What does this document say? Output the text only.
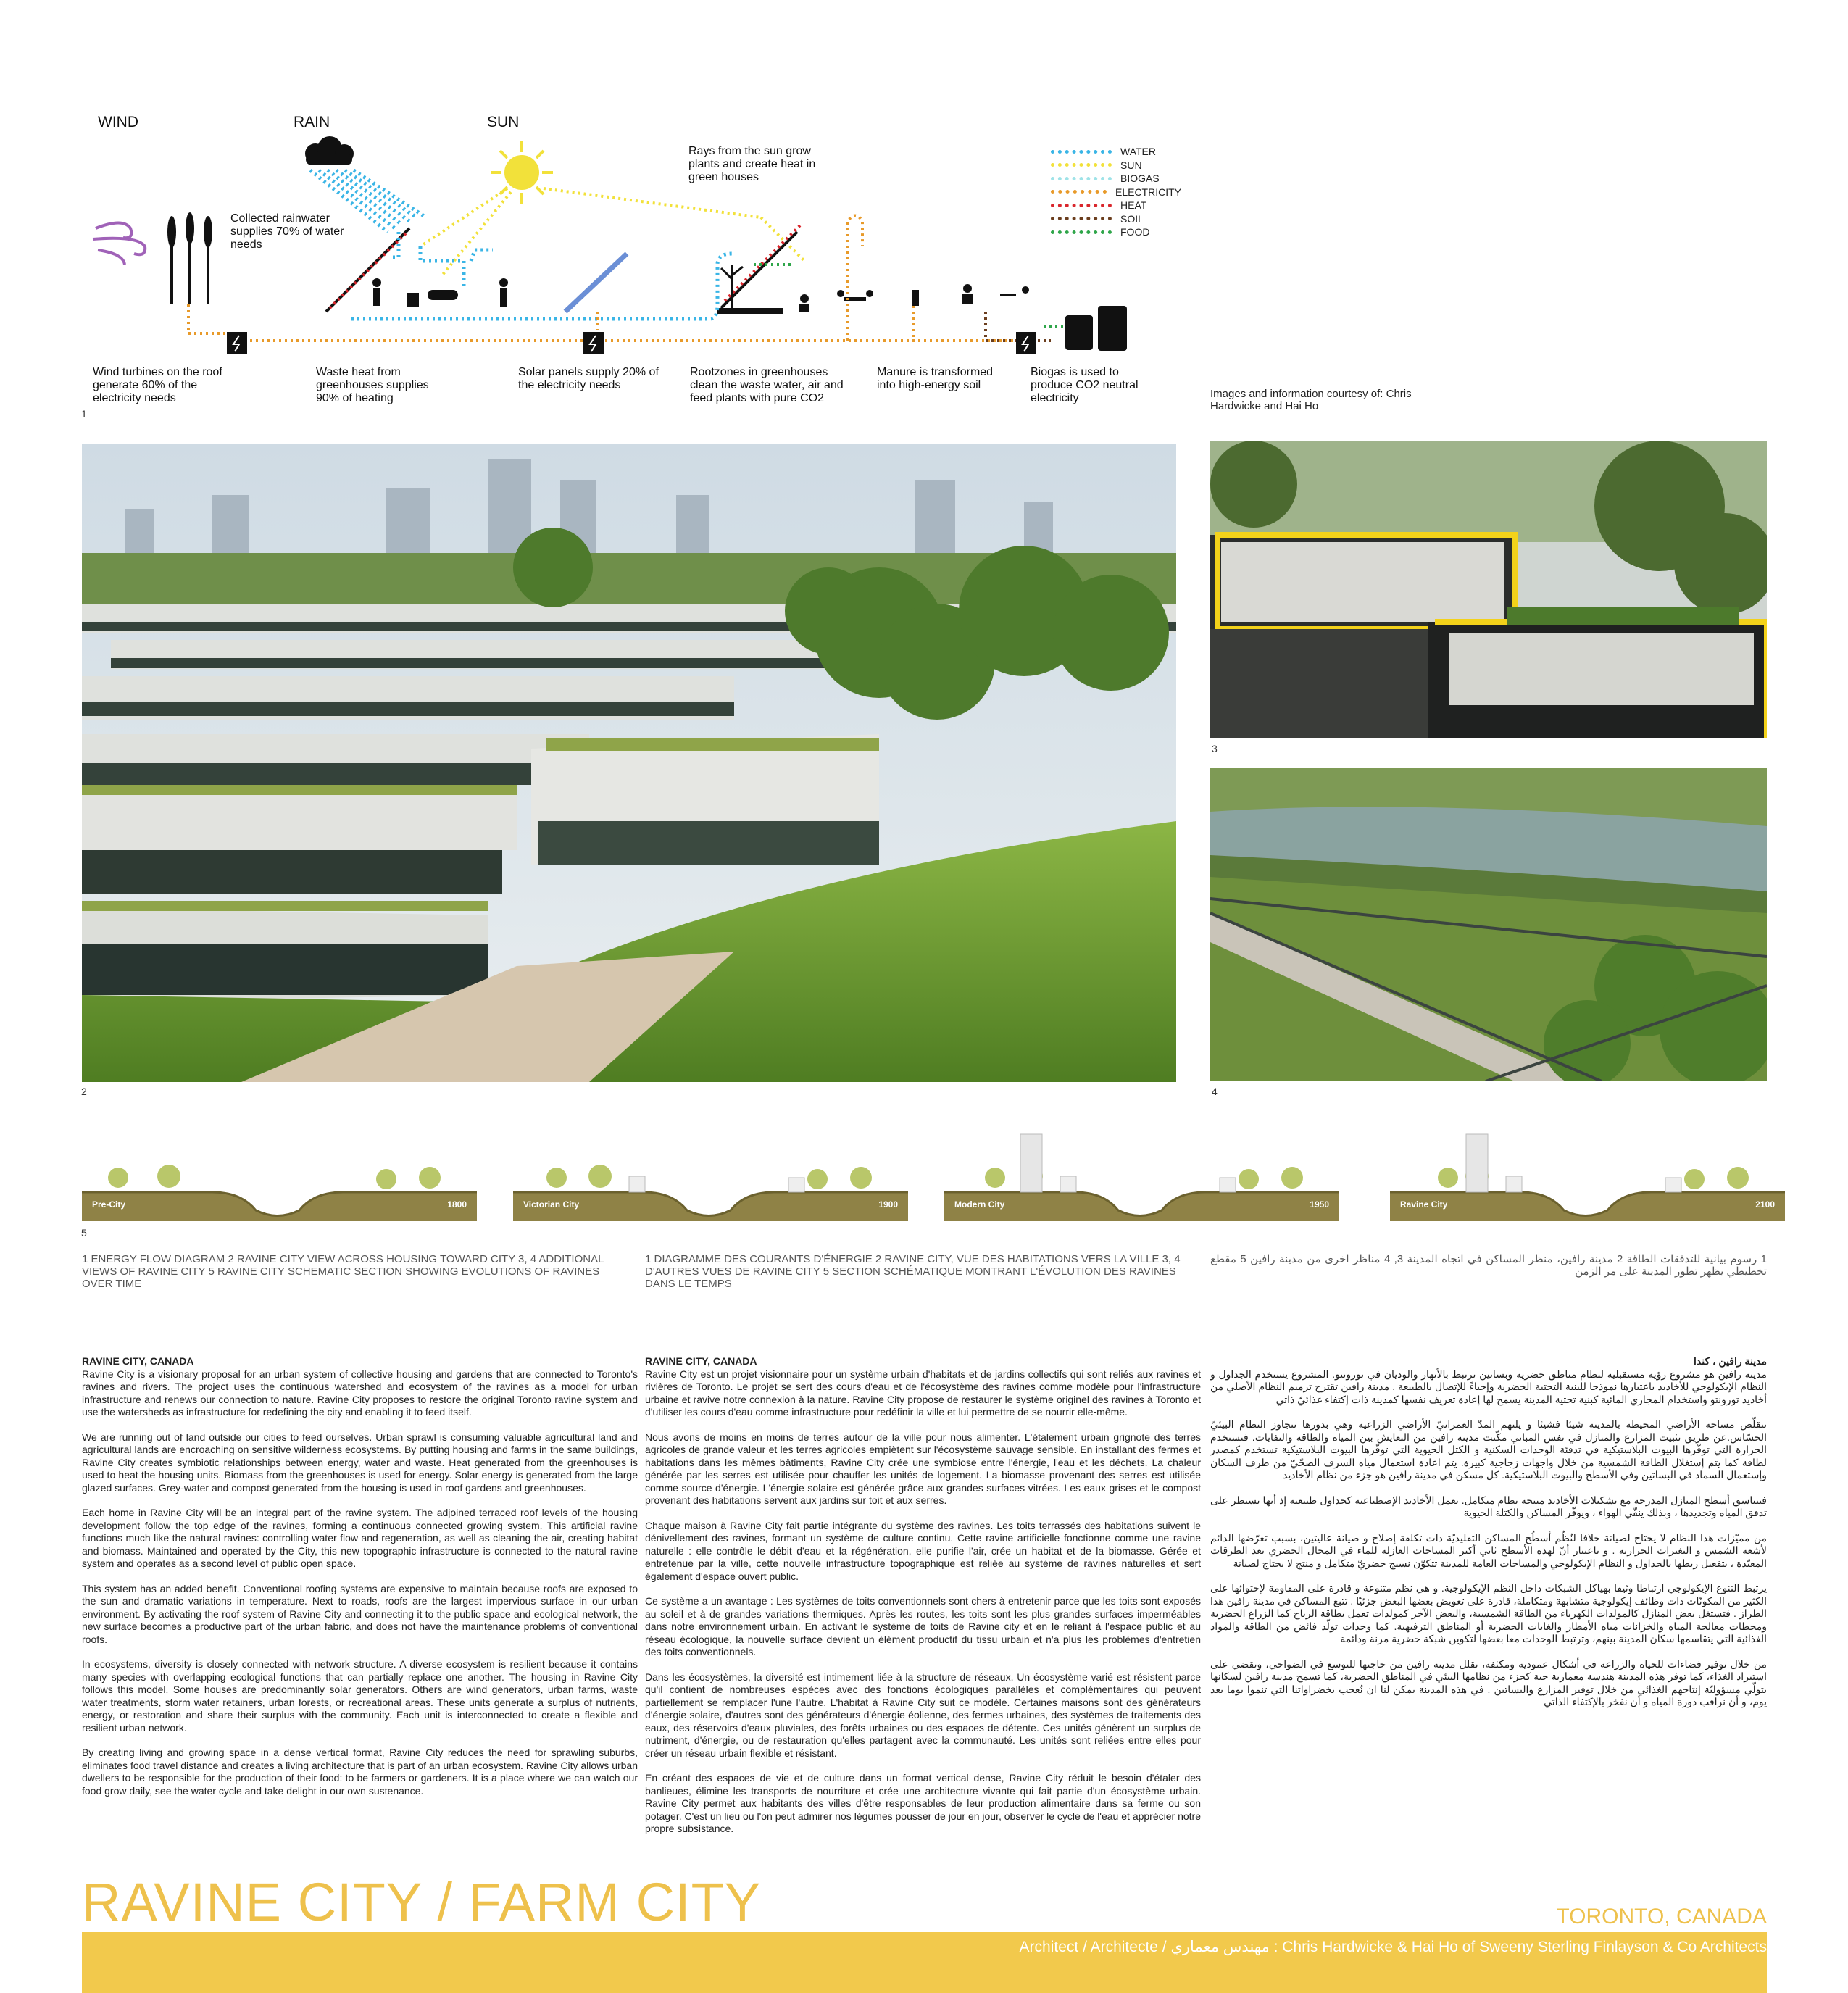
WIND	RAIN	SUN
Collected rainwater supplies 70% of water needs
Rays from the sun grow plants and create heat in green houses
Wind turbines on the roof generate 60% of the electricity needs
Waste heat from greenhouses supplies 90% of heating
Solar panels supply 20% of the electricity needs
Rootzones in greenhouses clean the waste water, air and feed plants with pure CO2
Manure is transformed into high-energy soil
Biogas is used to produce CO2 neutral electricity
WATER
SUN
BIOGAS
ELECTRICITY
HEAT
SOIL
FOOD
1
Images and information courtesy of: Chris Hardwicke and Hai Ho
2
3
4
Pre-City	1800	Victorian City	1900	Modern City	1950	Ravine City	2100
5
1 ENERGY FLOW DIAGRAM 2 RAVINE CITY VIEW ACROSS HOUSING TOWARD CITY 3, 4 ADDITIONAL VIEWS OF RAVINE CITY 5 RAVINE CITY SCHEMATIC SECTION SHOWING EVOLUTIONS OF RAVINES OVER TIME
1 DIAGRAMME DES COURANTS D'ÉNERGIE 2 RAVINE CITY, VUE DES HABITATIONS VERS LA VILLE 3, 4 D'AUTRES VUES DE RAVINE CITY 5 SECTION SCHÉMATIQUE MONTRANT L'ÉVOLUTION DES RAVINES DANS LE TEMPS
1 رسوم بيانية للتدفقات الطاقة 2 مدينة رافين، منظر المساكن في اتجاه المدينة 3, 4 مناظر اخرى من مدينة رافين 5 مقطع تخطيطي يظهر تطور المدينة على مر الزمن
RAVINE CITY, CANADA

Ravine City is a visionary proposal for an urban system of collective housing and gardens that are connected to Toronto's ravines and rivers. The project uses the continuous watershed and ecosystem of the ravines as a model for urban infrastructure and renews our connection to nature. Ravine City proposes to restore the original Toronto ravine system and use the watersheds as infrastructure for redefining the city and enabling it to feed itself.

We are running out of land outside our cities to feed ourselves. Urban sprawl is consuming valuable agricultural land and agricultural lands are encroaching on sensitive wilderness ecosystems. By putting housing and farms in the same buildings, Ravine City creates symbiotic relationships between energy, water and waste. Heat generated from the greenhouses is used to heat the housing units. Biomass from the greenhouses is used for energy. Solar energy is generated from the large glazed surfaces. Grey-water and compost generated from the housing is used in roof gardens and greenhouses.

Each home in Ravine City will be an integral part of the ravine system. The adjoined terraced roof levels of the housing development follow the top edge of the ravines, forming a continuous connected growing system. This artificial ravine functions much like the natural ravines: controlling water flow and regeneration, as well as cleaning the air, creating habitat and biomass. Maintained and operated by the City, this new topographic infrastructure is connected to the natural ravine system and operates as a second level of public open space.

This system has an added benefit. Conventional roofing systems are expensive to maintain because roofs are exposed to the sun and dramatic variations in temperature. Next to roads, roofs are the largest impervious surface in our urban environment. By activating the roof system of Ravine City and connecting it to the public space and ecological network, the new surface becomes a productive part of the urban fabric, and does not have the maintenance problems of conventional roofs.

In ecosystems, diversity is closely connected with network structure. A diverse ecosystem is resilient because it contains many species with overlapping ecological functions that can partially replace one another. The housing in Ravine City follows this model. Some houses are predominantly solar generators. Others are wind generators, urban farms, waste water treatments, storm water retainers, urban forests, or recreational areas. These units generate a surplus of nutrients, energy, or restoration and share their surplus with the community. Each unit is interconnected to create a flexible and resilient urban network.

By creating living and growing space in a dense vertical format, Ravine City reduces the need for sprawling suburbs, eliminates food travel distance and creates a living architecture that is part of an urban ecosystem. Ravine City allows urban dwellers to be responsible for the production of their food: to be farmers or gardeners. It is a place where we can watch our food grow daily, see the water cycle and take delight in our own sustenance.

RAVINE CITY, CANADA

Ravine City est un projet visionnaire pour un système urbain d'habitats et de jardins collectifs qui sont reliés aux ravines et rivières de Toronto. Le projet se sert des cours d'eau et de l'écosystème des ravines comme modèle pour l'infrastructure urbaine et ravive notre connexion à la nature. Ravine City propose de restaurer le système originel des ravines à Toronto et d'utiliser les cours d'eau comme infrastructure pour redéfinir la ville et lui permettre de se nourrir elle-même.

Nous avons de moins en moins de terres autour de la ville pour nous alimenter. L'étalement urbain grignote des terres agricoles de grande valeur et les terres agricoles empiètent sur l'écosystème sauvage sensible. En installant des fermes et habitations dans les mêmes bâtiments, Ravine City crée une symbiose entre l'énergie, l'eau et les déchets. La chaleur générée par les serres est utilisée pour chauffer les unités de logement. La biomasse provenant des serres est utilisée comme source d'énergie. L'énergie solaire est générée grâce aux grandes surfaces vitrées. Les eaux grises et le compost provenant des habitations servent aux jardins sur toit et aux serres.

Chaque maison à Ravine City fait partie intégrante du système des ravines. Les toits terrassés des habitations suivent le dénivellement des ravines, formant un système de culture continu. Cette ravine artificielle fonctionne comme une ravine naturelle : elle contrôle le débit d'eau et la régénération, elle purifie l'air, crée un habitat et de la biomasse. Gérée et entretenue par la ville, cette nouvelle infrastructure topographique est reliée au système de ravines naturelles et sert également d'espace ouvert public.

Ce système a un avantage : Les systèmes de toits conventionnels sont chers à entretenir parce que les toits sont exposés au soleil et à de grandes variations thermiques. Après les routes, les toits sont les plus grandes surfaces imperméables dans notre environnement urbain. En activant le système de toits de Ravine city et en le reliant à l'espace public et au réseau écologique, la nouvelle surface devient un élément productif du tissu urbain et n'a plus les problèmes d'entretien des toits conventionnels.

Dans les écosystèmes, la diversité est intimement liée à la structure de réseaux. Un écosystème varié est résistent parce qu'il contient de nombreuses espèces avec des fonctions écologiques parallèles et complémentaires qui peuvent partiellement se remplacer l'une l'autre. L'habitat à Ravine City suit ce modèle. Certaines maisons sont des générateurs d'énergie solaire, d'autres sont des générateurs d'énergie éolienne, des fermes urbaines, des systèmes de traitements des eaux, des réservoirs d'eaux pluviales, des forêts urbaines ou des espaces de détente. Ces unités génèrent un surplus de nutriment, d'énergie, ou de restauration qu'elles partagent avec la communauté. Les unités sont reliées entre elles pour créer un réseau urbain flexible et résistant.

En créant des espaces de vie et de culture dans un format vertical dense, Ravine City réduit le besoin d'étaler des banlieues, élimine les transports de nourriture et crée une architecture vivante qui fait partie d'un écosystème urbain. Ravine City permet aux habitants des villes d'être responsables de leur production alimentaire dans sa ferme ou son potager. C'est un lieu ou l'on peut admirer nos légumes pousser de jour en jour, observer le cycle de l'eau et apprécier notre propre subsistance.

مدينة رافين ، كندا

مدينة رافين هو مشروع رؤية مستقبلية لنظام مناطق حضرية وبساتين ترتبط بالأنهار والوديان في تورونتو. المشروع يستخدم الجداول و النظام الإيكولوجي للأخاديد باعتبارها نموذجا للبنية التحتية الحضرية وإحياءً للإتصال بالطبيعة . مدينة رافين تقترح ترميم النظام الأصلي من أخاديد تورونتو واستخدام المجاري المائية كبنية تحتية المدينة يسمح لها إعادة تعريف نفسها كمدينة ذات إكتفاء غذائيّ ذاتي

تتقلّص مساحة الأراضي المحيطة بالمدينة شيئا فشيئا و يلتهم المدّ العمرانيّ الأراضي الزراعية وهي بدورها تتجاوز النظام البيئيّ الحسّاس.عن طريق تثبيت المزارع والمنازل في نفس المباني مكّنت مدينة رافين من التعايش بين المياه والطاقة والنفايات. فتستخدم الحرارة التي توفّرها البيوت البلاستيكية في تدفئة الوحدات السكنية و الكتل الحيوية التي توفّرها البيوت البلاستيكية تستخدم كمصدر لطاقة كما يتم إستغلال الطاقة الشمسية من خلال واجهات زجاجية كبيرة. يتم اعادة استعمال مياه السرف الصحّيّ من طرف السكان وإستعمال السماد في البساتين وفي الأسطح والبيوت البلاستيكية. كل مسكن في مدينة رافين هو جزء من نظام الأخاديد

فتتناسق أسطح المنازل المدرجة مع تشكيلات الأخاديد منتجة نظام متكامل. تعمل الأخاديد الإصطناعية كجداول طبيعية إذ أنها تسيطر على تدفق المياه وتجديدها ، وبذلك ينقّي الهواء ، ويوفّر المساكن والكتلة الحيوية

من مميّزات هذا النظام لا يحتاج لصيانة خلافا لنُظُم أسطُح المساكن التقليديّة ذات تكلفة إصلاح و صيانة عاليتين، بسبب تعرّضها الدائم لأشعة الشمس و التغيرات الحرارية . و باعتبار أنّ لهذه الأسطح ثاني أكبر المساحات العازلة للماء في المجال الحضري بعد الطرقات المعبّدة ، بتفعيل ربطها بالجداول و النظام الإيكولوجي والمساحات العامة للمدينة تتكوّن نسيج حضريّ متكامل و منتج لا يحتاج لصيانة

يرتبط التنوع الإيكولوجي ارتباطا وثيقا بهياكل الشبكات داخل النظم الإيكولوجية. و هي نظم متنوعة و قادرة على المقاومة لإحتوائها على الكثير من المكونّات ذات وظائف إيكولوجية متشابهة ومتكاملة، قادرة على تعويض بعضها البعض جزئيّا . تتبع المساكن في مدينة رافين هذا الطراز . فتستغل بعض المنازل كالمولدات الكهرباء من الطاقة الشمسية، والبعض الآخر كمولدات تعمل بطاقة الرياح كما الزراع الحضرية ومحطات معالجة المياه والخزانات مياه الأمطار والغابات الحضرية أو المناطق الترفيهية. كما وحدات تولّد فائض من الطاقة والمواد الغذائية التي يتقاسمها سكان المدينة بينهم، وترتبط الوحدات معا بعضها لتكوين شبكة حضرية مرنة ودائمة

من خلال توفير فضاءات للحياة والزراعة في أشكال عمودية ومكثفة، تقلل مدينة رافين من حاجتها للتوسع في الضواحي، وتقضي على استيراد الغذاء، كما توفر هذه المدينة هندسة معمارية حية كجزء من نظامها البيئي في المناطق الحضرية، كما تسمح مدينة رافين لسكانها بتولّي مسؤوليّة إنتاجهم الغذائي من خلال توفير المزارع والبساتين . في هذه المدينة يمكن لنا ان نُعجب بخضراواتنا التي تنموا يوما بعد يوم، و أن نراقب دورة المياه و أن نفخر بالإكتفاء الذاتي

RAVINE CITY / FARM CITY	TORONTO, CANADA
Architect / Architecte / مهندس معماري : Chris Hardwicke & Hai Ho of Sweeny Sterling Finlayson & Co Architects
